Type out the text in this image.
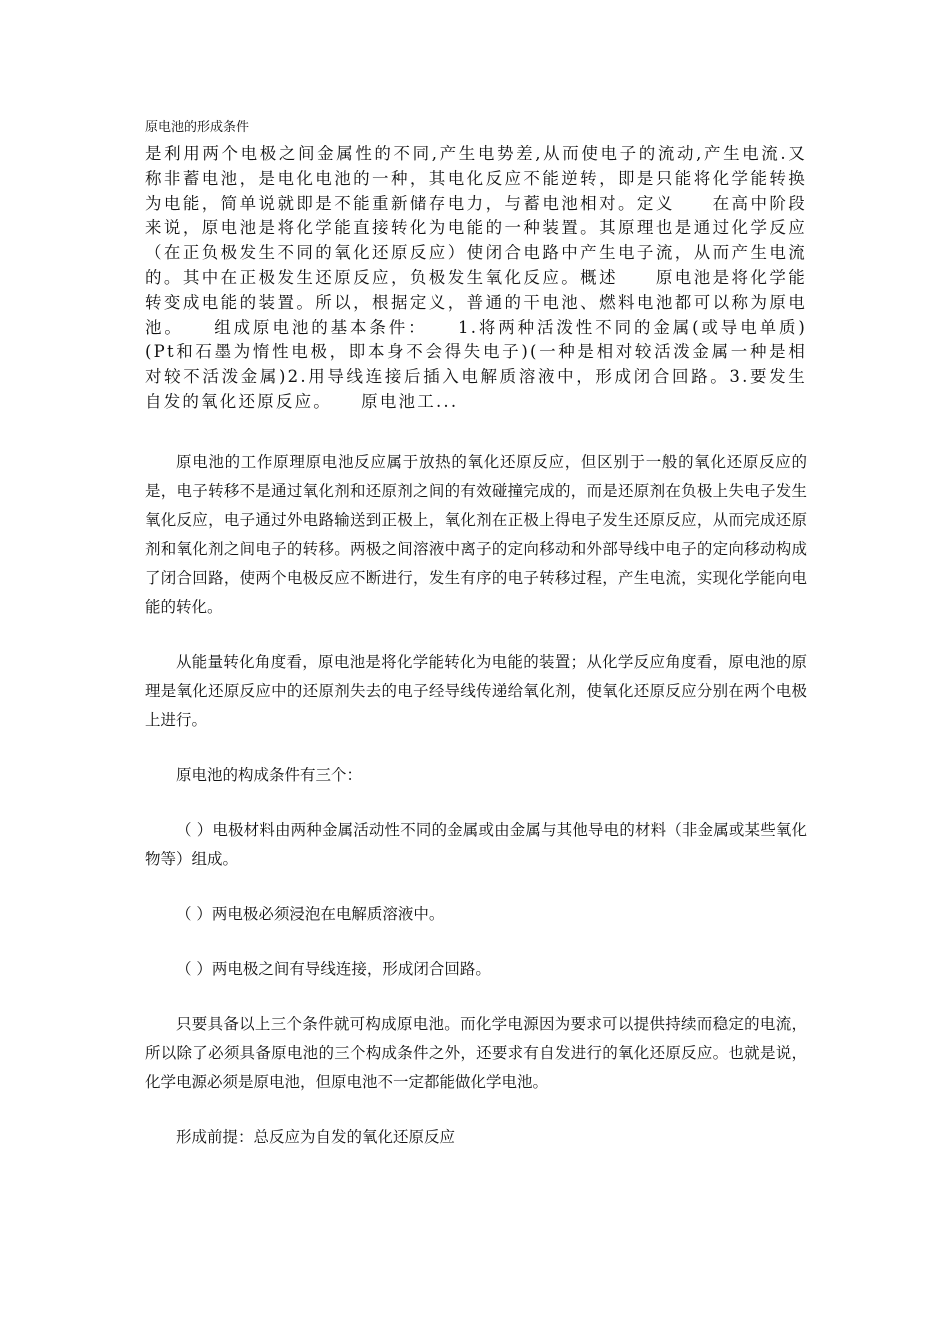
原电池的形成条件

是利用两个电极之间金属性的不同,产生电势差,从而使电子的流动,产生电流.又称非蓄电池，是电化电池的一种，其电化反应不能逆转，即是只能将化学能转换为电能，简单说就即是不能重新储存电力，与蓄电池相对。定义　　在高中阶段来说，原电池是将化学能直接转化为电能的一种装置。其原理也是通过化学反应（在正负极发生不同的氧化还原反应）使闭合电路中产生电子流，从而产生电流的。其中在正极发生还原反应，负极发生氧化反应。概述　　原电池是将化学能转变成电能的装置。所以，根据定义，普通的干电池、燃料电池都可以称为原电池。　　组成原电池的基本条件：　　1.将两种活泼性不同的金属(或导电单质)(Pt和石墨为惰性电极，即本身不会得失电子)(一种是相对较活泼金属一种是相对较不活泼金属)2.用导线连接后插入电解质溶液中，形成闭合回路。3.要发生自发的氧化还原反应。　　原电池工...

原电池的工作原理原电池反应属于放热的氧化还原反应，但区别于一般的氧化还原反应的是，电子转移不是通过氧化剂和还原剂之间的有效碰撞完成的，而是还原剂在负极上失电子发生氧化反应，电子通过外电路输送到正极上，氧化剂在正极上得电子发生还原反应，从而完成还原剂和氧化剂之间电子的转移。两极之间溶液中离子的定向移动和外部导线中电子的定向移动构成了闭合回路，使两个电极反应不断进行，发生有序的电子转移过程，产生电流，实现化学能向电能的转化。

从能量转化角度看，原电池是将化学能转化为电能的装置；从化学反应角度看，原电池的原理是氧化还原反应中的还原剂失去的电子经导线传递给氧化剂，使氧化还原反应分别在两个电极上进行。

原电池的构成条件有三个：

（ ）电极材料由两种金属活动性不同的金属或由金属与其他导电的材料（非金属或某些氧化物等）组成。

（ ）两电极必须浸泡在电解质溶液中。

（ ）两电极之间有导线连接，形成闭合回路。

只要具备以上三个条件就可构成原电池。而化学电源因为要求可以提供持续而稳定的电流，所以除了必须具备原电池的三个构成条件之外，还要求有自发进行的氧化还原反应。也就是说，化学电源必须是原电池，但原电池不一定都能做化学电池。

形成前提：总反应为自发的氧化还原反应
